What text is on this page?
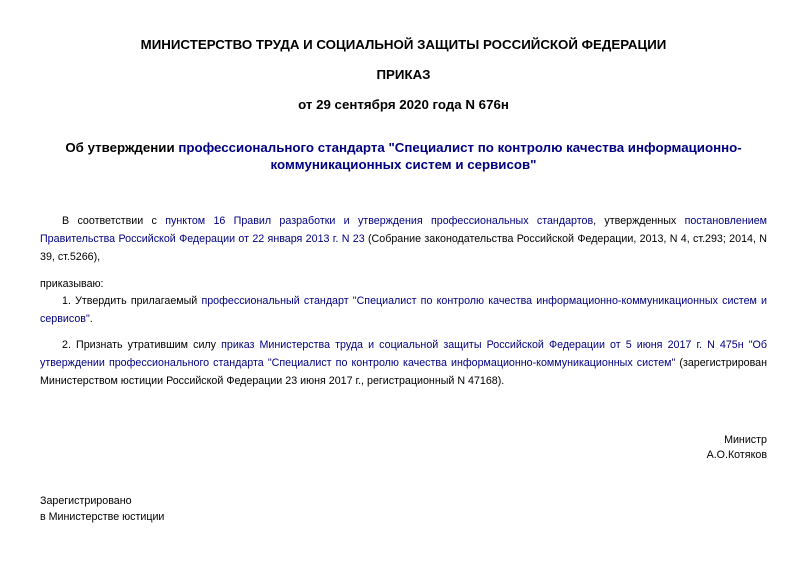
МИНИСТЕРСТВО ТРУДА И СОЦИАЛЬНОЙ ЗАЩИТЫ РОССИЙСКОЙ ФЕДЕРАЦИИ
ПРИКАЗ
от 29 сентября 2020 года N 676н
Об утверждении профессионального стандарта "Специалист по контролю качества информационно-коммуникационных систем и сервисов"
В соответствии с пунктом 16 Правил разработки и утверждения профессиональных стандартов, утвержденных постановлением Правительства Российской Федерации от 22 января 2013 г. N 23 (Собрание законодательства Российской Федерации, 2013, N 4, ст.293; 2014, N 39, ст.5266),
приказываю:
1. Утвердить прилагаемый профессиональный стандарт "Специалист по контролю качества информационно-коммуникационных систем и сервисов".
2. Признать утратившим силу приказ Министерства труда и социальной защиты Российской Федерации от 5 июня 2017 г. N 475н "Об утверждении профессионального стандарта "Специалист по контролю качества информационно-коммуникационных систем" (зарегистрирован Министерством юстиции Российской Федерации 23 июня 2017 г., регистрационный N 47168).
Министр
А.О.Котяков
Зарегистрировано
в Министерстве юстиции
